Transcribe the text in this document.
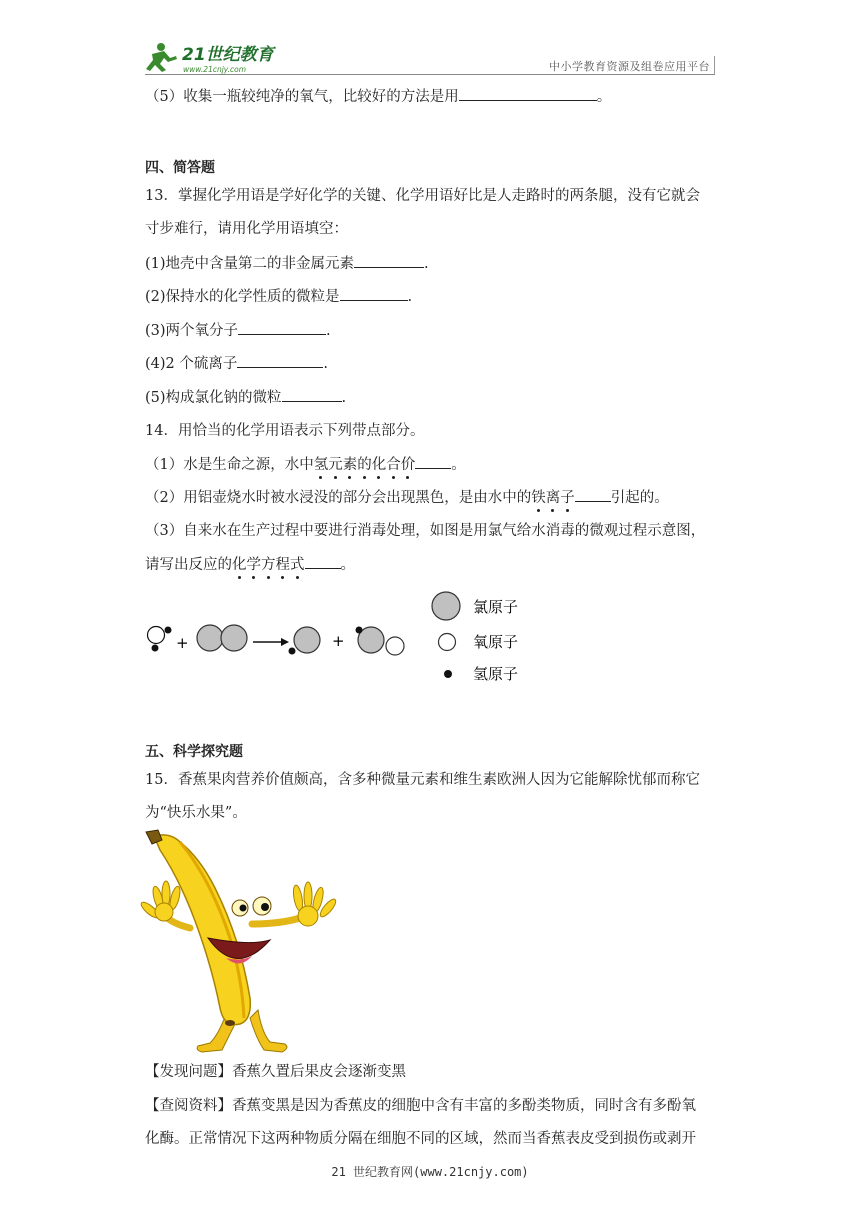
21世纪教育
www.21cnjy.com	中小学教育资源及组卷应用平台
（5）收集一瓶较纯净的氧气，比较好的方法是用	。
四、简答题
13．掌握化学用语是学好化学的关键、化学用语好比是人走路时的两条腿，没有它就会
寸步难行，请用化学用语填空：
(1)地壳中含量第二的非金属元素	.
(2)保持水的化学性质的微粒是	.
(3)两个氧分子	.
(4)2 个硫离子	.
(5)构成氯化钠的微粒	.
14．用恰当的化学用语表示下列带点部分。
（1）水是生命之源，水中氢元素的化合价 。
（2）用铝壶烧水时被水浸没的部分会出现黑色，是由水中的铁离子 引起的。
（3）自来水在生产过程中要进行消毒处理，如图是用氯气给水消毒的微观过程示意图，
请写出反应的化学方程式 。
+	+
氯原子
氧原子
氢原子
五、科学探究题
15．香蕉果肉营养价值颇高，含多种微量元素和维生素欧洲人因为它能解除忧郁而称它
为“快乐水果”。
【发现问题】香蕉久置后果皮会逐渐变黑
【查阅资料】香蕉变黑是因为香蕉皮的细胞中含有丰富的多酚类物质，同时含有多酚氧
化酶。正常情况下这两种物质分隔在细胞不同的区域，然而当香蕉表皮受到损伤或剥开
21 世纪教育网(www.21cnjy.com)
